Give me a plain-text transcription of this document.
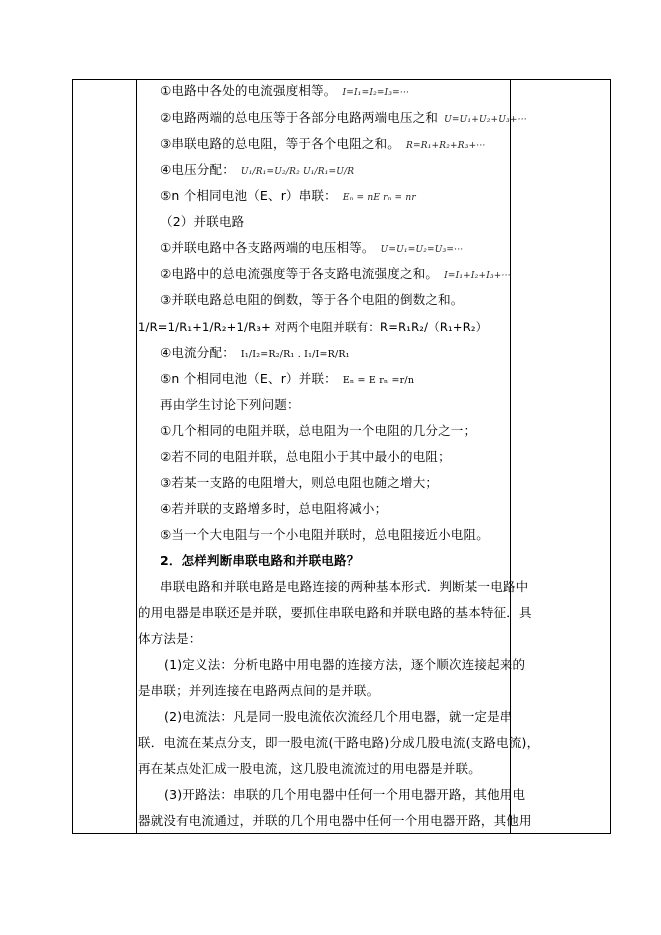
①电路中各处的电流强度相等。 I=I₁=I₂=I₃=···
②电路两端的总电压等于各部分电路两端电压之和 U=U₁+U₂+U₃+···
③串联电路的总电阻，等于各个电阻之和。 R=R₁+R₂+R₃+···
④电压分配： U₁/R₁=U₂/R₂ U₁/R₁=U/R
⑤n 个相同电池（E、r）串联： Eₙ = nE rₙ = nr
（2）并联电路
①并联电路中各支路两端的电压相等。 U=U₁=U₂=U₃=···
②电路中的总电流强度等于各支路电流强度之和。 I=I₁+I₂+I₃+···
③并联电路总电阻的倒数，等于各个电阻的倒数之和。
1/R=1/R₁+1/R₂+1/R₃+ 对两个电阻并联有：R=R₁R₂/（R₁+R₂）
④电流分配： I₁/I₂=R₂/R₁ . I₁/I=R/R₁
⑤n 个相同电池（E、r）并联： Eₙ = E rₙ =r/n
再由学生讨论下列问题：
①几个相同的电阻并联，总电阻为一个电阻的几分之一；
②若不同的电阻并联，总电阻小于其中最小的电阻；
③若某一支路的电阻增大，则总电阻也随之增大；
④若并联的支路增多时，总电阻将减小；
⑤当一个大电阻与一个小电阻并联时，总电阻接近小电阻。
2．怎样判断串联电路和并联电路？
串联电路和并联电路是电路连接的两种基本形式．判断某一电路中
的用电器是串联还是并联，要抓住串联电路和并联电路的基本特征．具
体方法是：
(1)定义法：分析电路中用电器的连接方法，逐个顺次连接起来的
是串联；并列连接在电路两点间的是并联。
(2)电流法：凡是同一股电流依次流经几个用电器，就一定是串
联．电流在某点分支，即一股电流(干路电路)分成几股电流(支路电流)，
再在某点处汇成一股电流，这几股电流流过的用电器是并联。
(3)开路法：串联的几个用电器中任何一个用电器开路，其他用电
器就没有电流通过，并联的几个用电器中任何一个用电器开路，其他用
